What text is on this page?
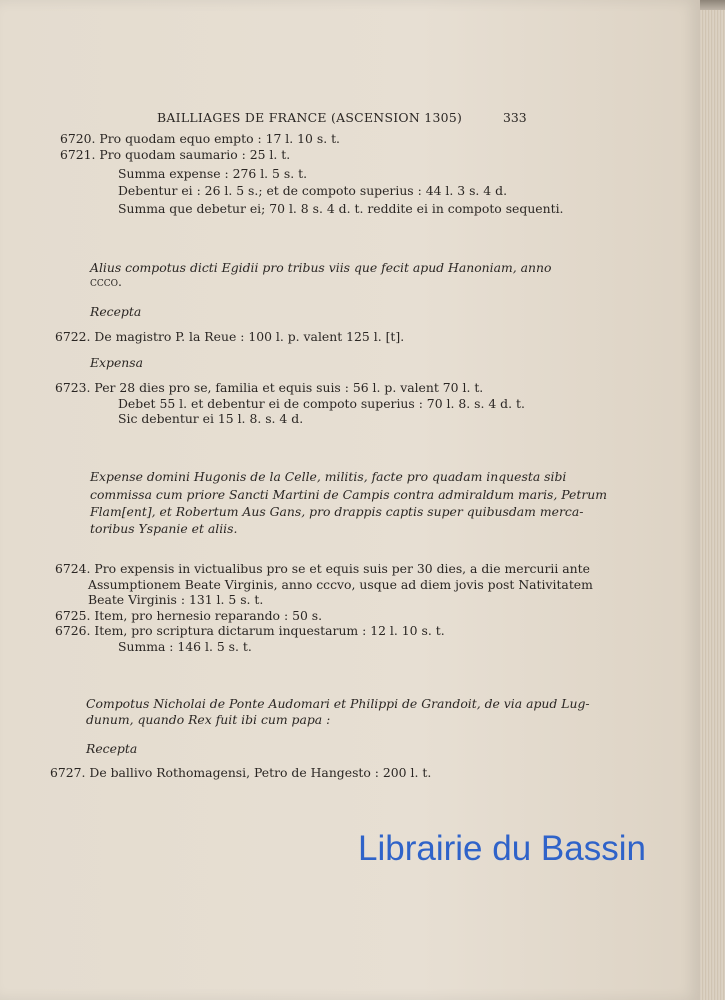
BAILLIAGES DE FRANCE (ASCENSION 1305)	333
6720. Pro quodam equo empto : 17 l. 10 s. t.
6721. Pro quodam saumario : 25 l. t.
Summa expense : 276 l. 5 s. t.
Debentur ei : 26 l. 5 s.; et de compoto superius : 44 l. 3 s. 4 d.
Summa que debetur ei; 70 l. 8 s. 4 d. t. reddite ei in compoto sequenti.
Alius compotus dicti Egidii pro tribus viis que fecit apud Hanoniam, anno
ccco.
Recepta
6722. De magistro P. la Reue : 100 l. p. valent 125 l. [t].
Expensa
6723. Per 28 dies pro se, familia et equis suis : 56 l. p. valent 70 l. t.
Debet 55 l. et debentur ei de compoto superius : 70 l. 8. s. 4 d. t.
Sic debentur ei 15 l. 8. s. 4 d.
Expense domini Hugonis de la Celle, militis, facte pro quadam inquesta sibi
commissa cum priore Sancti Martini de Campis contra admiraldum maris, Petrum
Flam[ent], et Robertum Aus Gans, pro drappis captis super quibusdam merca-
toribus Yspanie et aliis.
6724. Pro expensis in victualibus pro se et equis suis per 30 dies, a die mercurii ante
Assumptionem Beate Virginis, anno cccvo, usque ad diem jovis post Nativitatem
Beate Virginis : 131 l. 5 s. t.
6725. Item, pro hernesio reparando : 50 s.
6726. Item, pro scriptura dictarum inquestarum : 12 l. 10 s. t.
Summa : 146 l. 5 s. t.
Compotus Nicholai de Ponte Audomari et Philippi de Grandoit, de via apud Lug-
dunum, quando Rex fuit ibi cum papa :
Recepta
6727. De ballivo Rothomagensi, Petro de Hangesto : 200 l. t.
Librairie du Bassin
